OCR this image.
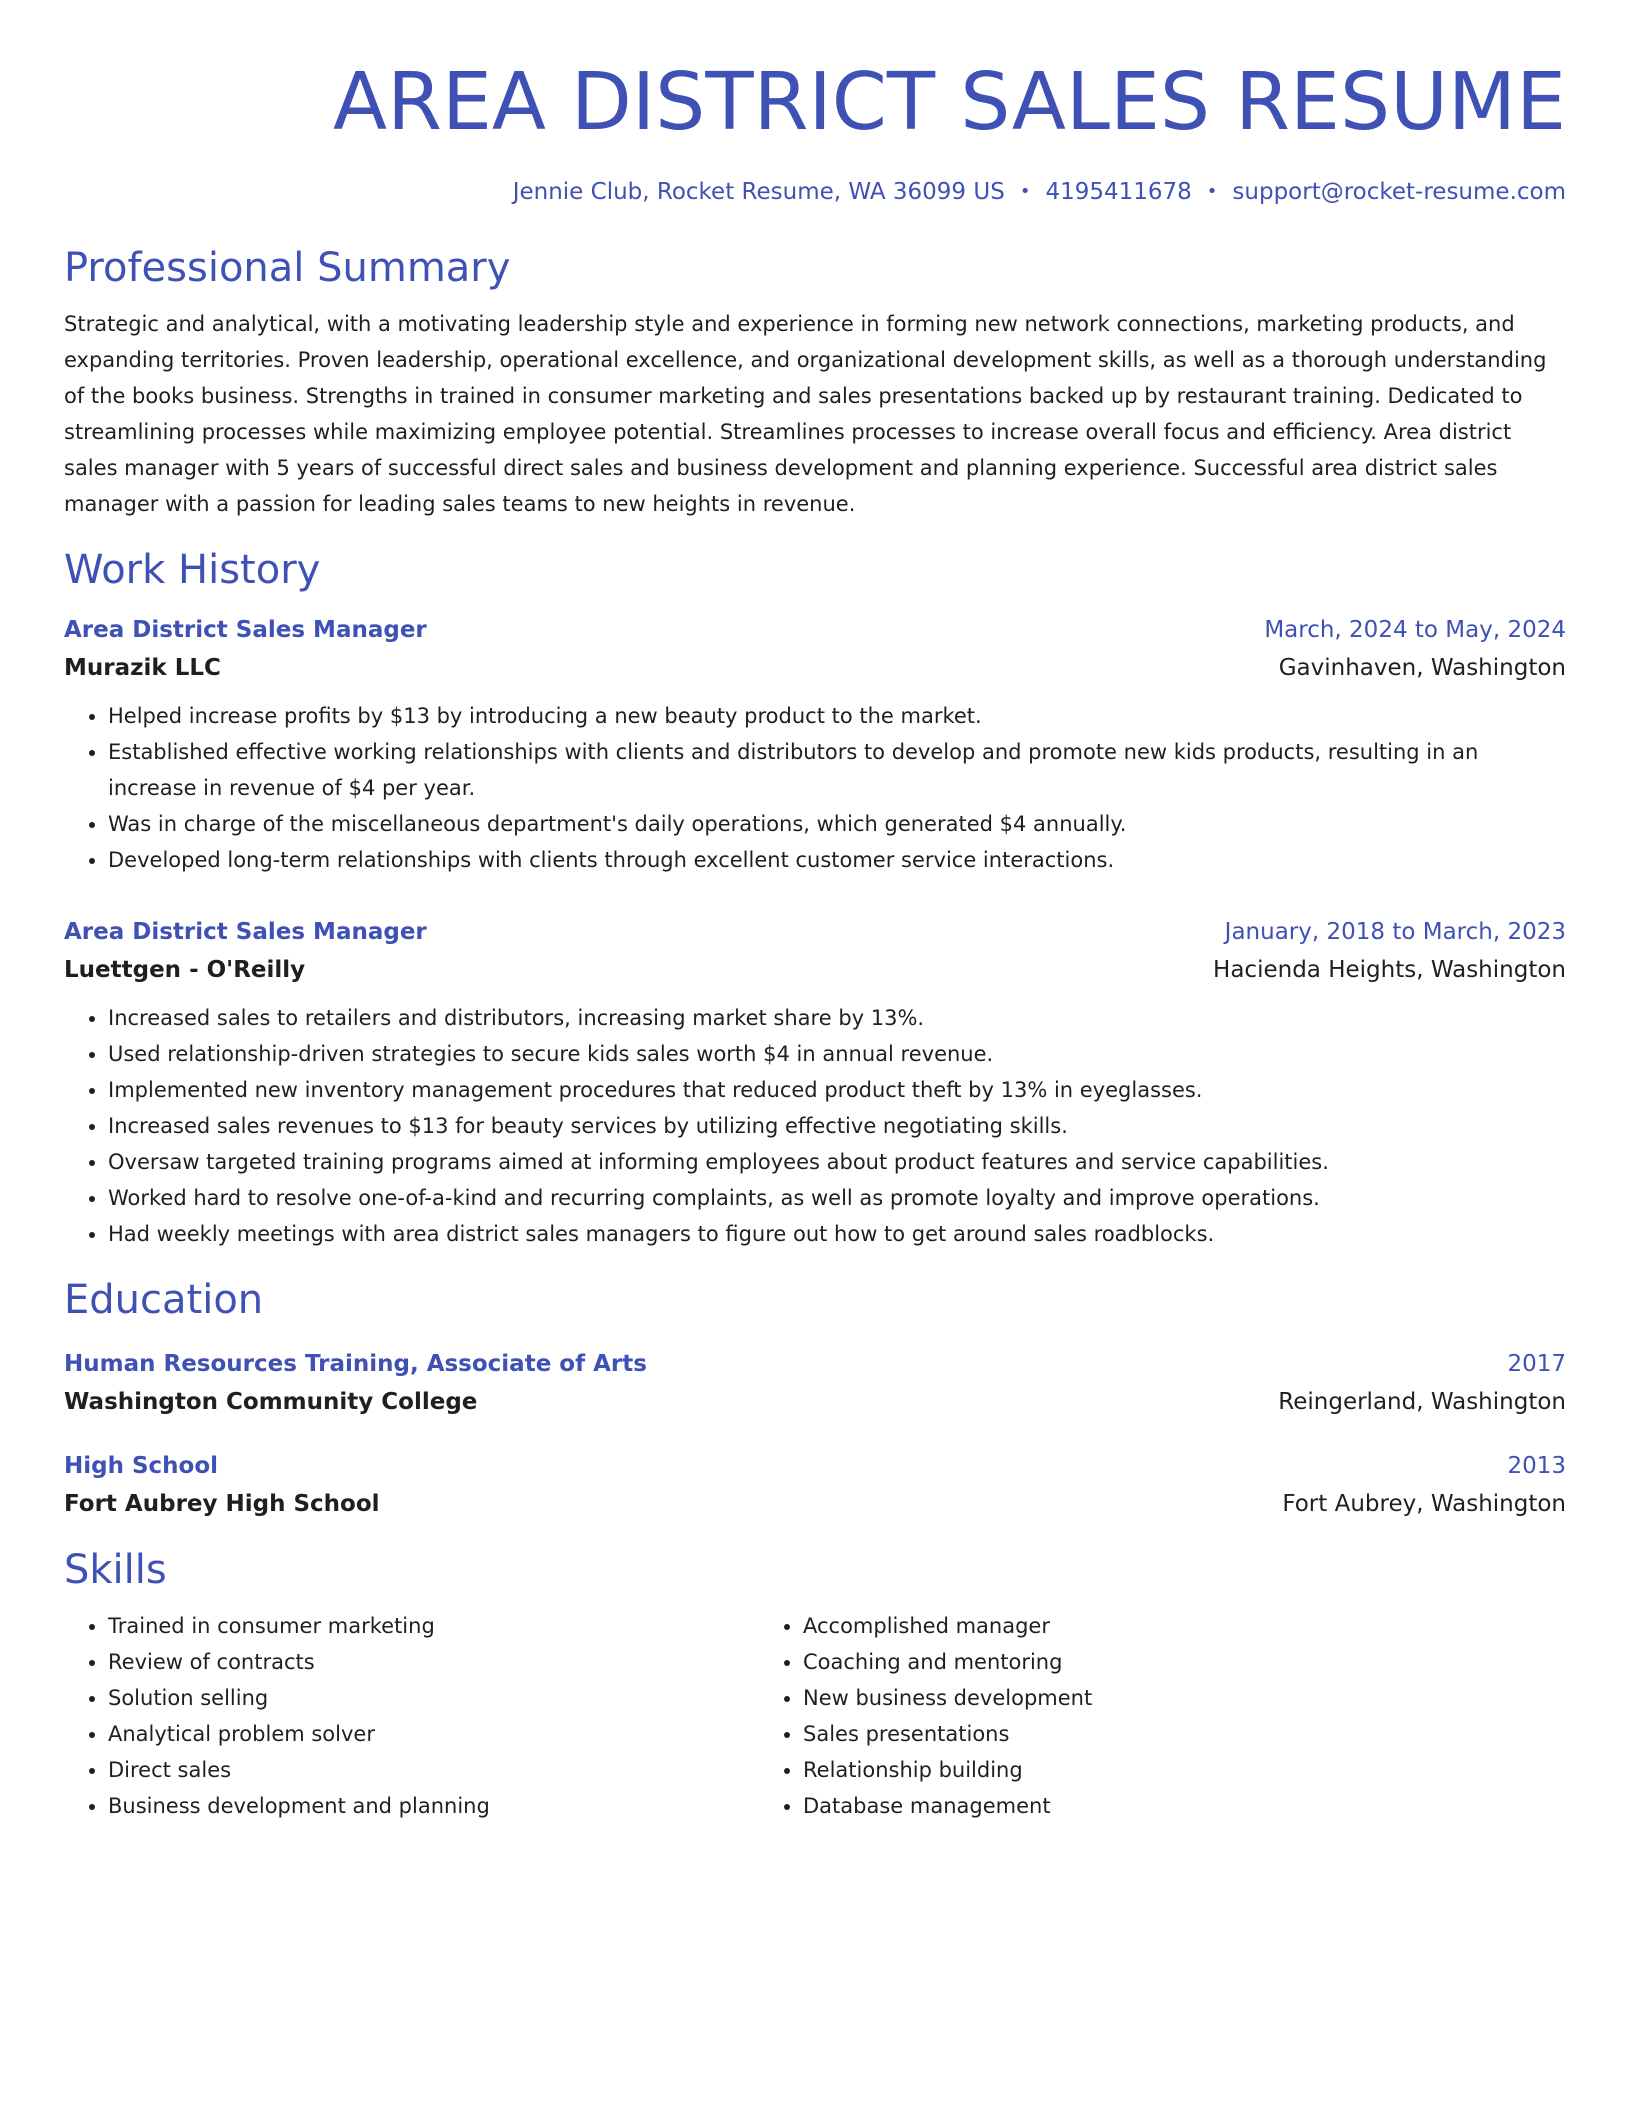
AREA DISTRICT SALES RESUME
Jennie Club, Rocket Resume, WA 36099 US • 4195411678 • support@rocket-resume.com
Professional Summary
Strategic and analytical, with a motivating leadership style and experience in forming new network connections, marketing products, and expanding territories. Proven leadership, operational excellence, and organizational development skills, as well as a thorough understanding of the books business. Strengths in trained in consumer marketing and sales presentations backed up by restaurant training. Dedicated to streamlining processes while maximizing employee potential. Streamlines processes to increase overall focus and efficiency. Area district sales manager with 5 years of successful direct sales and business development and planning experience. Successful area district sales manager with a passion for leading sales teams to new heights in revenue.
Work History
Area District Sales Manager	March, 2024 to May, 2024
Murazik LLC	Gavinhaven, Washington
• Helped increase profits by $13 by introducing a new beauty product to the market.
• Established effective working relationships with clients and distributors to develop and promote new kids products, resulting in an increase in revenue of $4 per year.
• Was in charge of the miscellaneous department's daily operations, which generated $4 annually.
• Developed long-term relationships with clients through excellent customer service interactions.
Area District Sales Manager	January, 2018 to March, 2023
Luettgen - O'Reilly	Hacienda Heights, Washington
• Increased sales to retailers and distributors, increasing market share by 13%.
• Used relationship-driven strategies to secure kids sales worth $4 in annual revenue.
• Implemented new inventory management procedures that reduced product theft by 13% in eyeglasses.
• Increased sales revenues to $13 for beauty services by utilizing effective negotiating skills.
• Oversaw targeted training programs aimed at informing employees about product features and service capabilities.
• Worked hard to resolve one-of-a-kind and recurring complaints, as well as promote loyalty and improve operations.
• Had weekly meetings with area district sales managers to figure out how to get around sales roadblocks.
Education
Human Resources Training, Associate of Arts	2017
Washington Community College	Reingerland, Washington
High School	2013
Fort Aubrey High School	Fort Aubrey, Washington
Skills
• Trained in consumer marketing
• Review of contracts
• Solution selling
• Analytical problem solver
• Direct sales
• Business development and planning
• Accomplished manager
• Coaching and mentoring
• New business development
• Sales presentations
• Relationship building
• Database management
